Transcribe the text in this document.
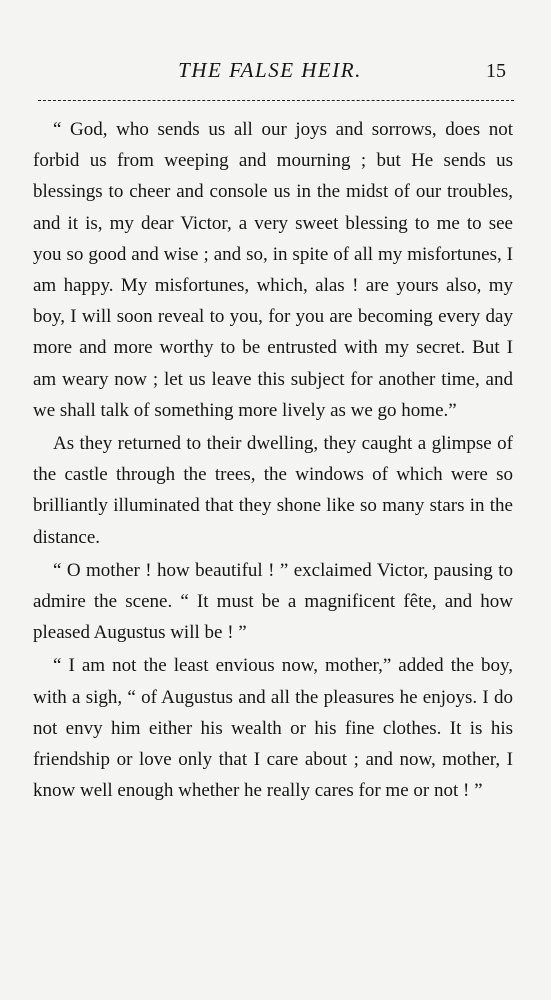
THE FALSE HEIR.	15

“ God, who sends us all our joys and sorrows, does not forbid us from weeping and mourning ; but He sends us blessings to cheer and console us in the midst of our troubles, and it is, my dear Victor, a very sweet blessing to me to see you so good and wise ; and so, in spite of all my misfortunes, I am happy. My misfortunes, which, alas ! are yours also, my boy, I will soon reveal to you, for you are becoming every day more and more worthy to be entrusted with my secret. But I am weary now ; let us leave this subject for another time, and we shall talk of something more lively as we go home.”

As they returned to their dwelling, they caught a glimpse of the castle through the trees, the windows of which were so brilliantly illuminated that they shone like so many stars in the distance.

“ O mother ! how beautiful ! ” exclaimed Victor, pausing to admire the scene. “ It must be a magnificent fête, and how pleased Augustus will be ! ”

“ I am not the least envious now, mother,” added the boy, with a sigh, “ of Augustus and all the pleasures he enjoys. I do not envy him either his wealth or his fine clothes. It is his friendship or love only that I care about ; and now, mother, I know well enough whether he really cares for me or not ! ”
